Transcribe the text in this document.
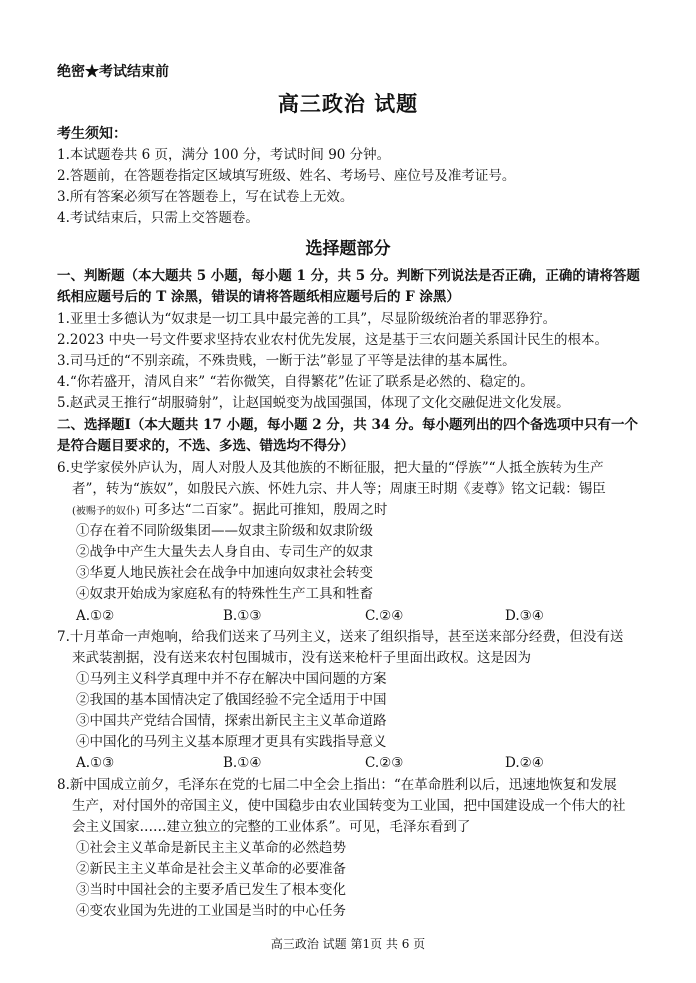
绝密★考试结束前
高三政治 试题
考生须知：
1.本试题卷共 6 页，满分 100 分，考试时间 90 分钟。
2.答题前，在答题卷指定区域填写班级、姓名、考场号、座位号及准考证号。
3.所有答案必须写在答题卷上，写在试卷上无效。
4.考试结束后，只需上交答题卷。
选择题部分
一、判断题（本大题共 5 小题，每小题 1 分，共 5 分。判断下列说法是否正确，正确的请将答题
纸相应题号后的 T 涂黑，错误的请将答题纸相应题号后的 F 涂黑）
1.亚里士多德认为“奴隶是一切工具中最完善的工具”，尽显阶级统治者的罪恶狰狞。
2.2023 中央一号文件要求坚持农业农村优先发展，这是基于三农问题关系国计民生的根本。
3.司马迁的“不别亲疏，不殊贵贱，一断于法”彰显了平等是法律的基本属性。
4.“你若盛开，清风自来” “若你微笑，自得繁花”佐证了联系是必然的、稳定的。
5.赵武灵王推行“胡服骑射”，让赵国蜕变为战国强国，体现了文化交融促进文化发展。
二、选择题Ⅰ（本大题共 17 小题，每小题 2 分，共 34 分。每小题列出的四个备选项中只有一个
是符合题目要求的，不选、多选、错选均不得分）
6.史学家侯外庐认为，周人对殷人及其他族的不断征服，把大量的“俘族”“人抵全族转为生产
者”，转为“族奴”，如殷民六族、怀姓九宗、井人等；周康王时期《麦尊》铭文记载：锡臣
(被赐予的奴仆) 可多达“二百家”。据此可推知，殷周之时
①存在着不同阶级集团——奴隶主阶级和奴隶阶级
②战争中产生大量失去人身自由、专司生产的奴隶
③华夏人地民族社会在战争中加速向奴隶社会转变
④奴隶开始成为家庭私有的特殊性生产工具和牲畜
A.①②	B.①③	C.②④	D.③④
7.十月革命一声炮响，给我们送来了马列主义，送来了组织指导，甚至送来部分经费，但没有送
来武装割据，没有送来农村包围城市，没有送来枪杆子里面出政权。这是因为
①马列主义科学真理中并不存在解决中国问题的方案
②我国的基本国情决定了俄国经验不完全适用于中国
③中国共产党结合国情，探索出新民主主义革命道路
④中国化的马列主义基本原理才更具有实践指导意义
A.①③	B.①④	C.②③	D.②④
8.新中国成立前夕，毛泽东在党的七届二中全会上指出：“在革命胜利以后，迅速地恢复和发展
生产，对付国外的帝国主义，使中国稳步由农业国转变为工业国，把中国建设成一个伟大的社
会主义国家……建立独立的完整的工业体系”。可见，毛泽东看到了
①社会主义革命是新民主主义革命的必然趋势
②新民主主义革命是社会主义革命的必要准备
③当时中国社会的主要矛盾已发生了根本变化
④变农业国为先进的工业国是当时的中心任务
高三政治 试题 第1页 共 6 页
